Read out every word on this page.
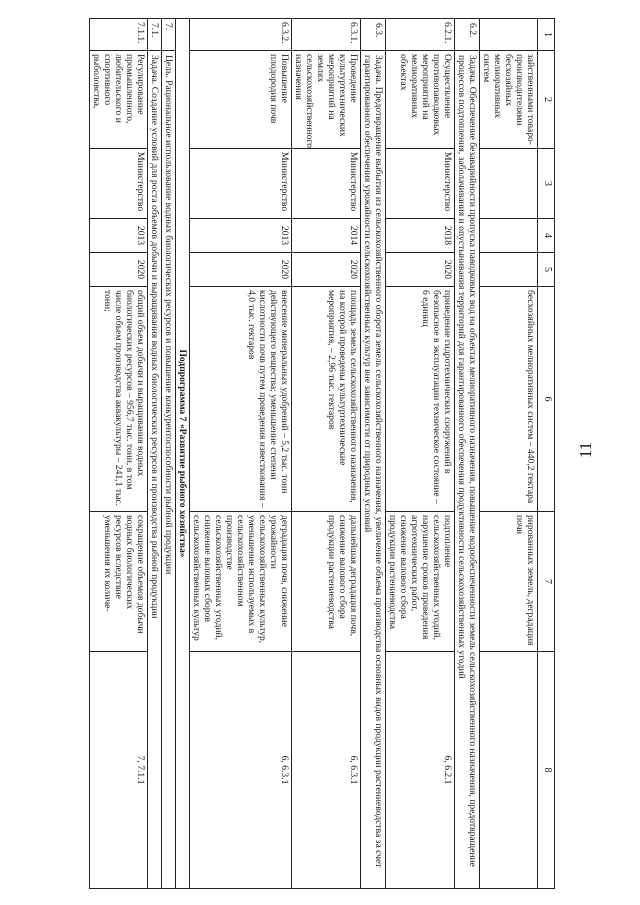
11
1	2	3	4	5	6	7	8
	зайственными товаро-производителями бесхозяйных мелиоративных систем				бесхозяйных мелиоративных систем – 440,2 гектара	рированных земель, деградация почв	
6.2.	Задача. Обеспечение безаварийности пропуска паводковых вод на объектах мелиоративного назначения, повышение водообеспеченности земель сельскохозяйственного назначения, предотвращение процессов подтопления, заболачивания и опустынивания территорий для гарантированного обеспечения продуктивности сельскохозяйственных угодий						
6.2.1.	Осуществление противопаводковых мероприятий на мелиоративных объектах	Министерство	2018	2020	приведение гидротехнических сооружений в безопасное в эксплуатации техническое состояние – 6 единиц	подтопление сельскохозяйственных угодий, нарушение сроков проведения агротехнических работ, снижение валового сбора продукции растениеводства	6, 6.2.1
6.3.	Задача. Предотвращение выбытия из сельскохозяйственного оборота земель сельскохозяйственного назначения, увеличение объема производства основных видов продукции растениеводства за счет гарантированного обеспечения урожайности сельскохозяйственных культур вне зависимости от природных условий						
6.3.1.	Проведение культуртехнических мероприятий на землях сельскохозяйственного назначения	Министерство	2014	2020	площадь земель сельскохозяйственного назначения, на которой проведены культуртехнические мероприятия, – 2,96 тыс. гектаров	дальнейшая деградация почв, снижение валового сбора продукции растениеводства	6, 6.3.1
6.3.2.	Повышение плодородия почв	Министерство	2013	2020	внесение минеральных удобрений – 5,2 тыс. тонн действующего вещества; уменьшение степени кислотности почв путем проведения известкования – 4,0 тыс. гектаров	деградация почв, снижение урожайности сельскохозяйственных культур, уменьшение используемых в сельскохозяйственном производстве сельскохозяйственных угодий, снижение валовых сборов сельскохозяйственных культур	6, 6.3.1
Подпрограмма 7 «Развитие рыбного хозяйства»							
7.	Цель. Рациональное использование водных биологических ресурсов и повышение конкурентоспособности рыбной продукции						
7.1.	Задача. Создание условий для роста объемов добычи и выращивания водных биологических ресурсов и производства рыбной продукции						
7.1.1.	Регулирование промышленного, любительского и спортивного рыболовства,	Министерство	2013	2020	общий объем добычи и выращивания водных биологических ресурсов – 956,7 тыс. тонн, в том числе объем производства аквакультуры – 241,1 тыс. тонн;	сокращение объемов добычи водных биологических ресурсов вследствие уменьшения их количе-	7, 7.1.1
